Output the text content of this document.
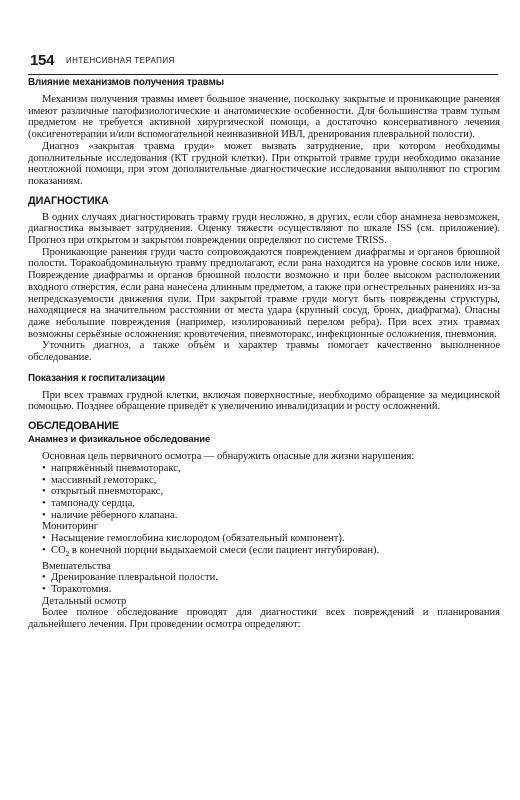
154 ИНТЕНСИВНАЯ ТЕРАПИЯ
Влияние механизмов получения травмы

Механизм получения травмы имеет большое значение, поскольку закрытые и проникающие ранения имеют различные патофизиологические и анатомические особенности. Для большинства травм тупым предметом не требуется активной хирургической помощи, а достаточно консервативного лечения (оксигенотерапии и/или вспомогательной неинвазивной ИВЛ, дренирования плевральной полости).

Диагноз «закрытая травма груди» может вызвать затруднение, при котором необходимы дополнительные исследования (КТ грудной клетки). При открытой травме груди необходимо оказание неотложной помощи, при этом дополнительные диагностические исследования выполняют по строгим показаниям.

ДИАГНОСТИКА

В одних случаях диагностировать травму груди несложно, в других, если сбор анамнеза невозможен, диагностика вызывает затруднения. Оценку тяжести осуществляют по шкале ISS (см. приложение). Прогноз при открытом и закрытом повреждении определяют по системе TRISS.

Проникающие ранения груди часто сопровождаются повреждением диафрагмы и органов брюшной полости. Торакоабдоминальную травму предполагают, если рана находится на уровне сосков или ниже. Повреждение диафрагмы и органов брюшной полости возможно и при более высоком расположении входного отверстия, если рана нанесена длинным предметом, а также при огнестрельных ранениях из-за непредсказуемости движения пули. При закрытой травме груди могут быть повреждены структуры, находящиеся на значительном расстоянии от места удара (крупный сосуд, бронх, диафрагма). Опасны даже небольшие повреждения (например, изолированный перелом ребра). При всех этих травмах возможны серьёзные осложнения: кровотечения, пневмоторакс, инфекционные осложнения, пневмония.

Уточнить диагноз, а также объём и характер травмы помогает качественно выполненное обследование.

Показания к госпитализации

При всех травмах грудной клетки, включая поверхностные, необходимо обращение за медицинской помощью. Позднее обращение приведёт к увеличению инвалидизации и росту осложнений.

ОБСЛЕДОВАНИЕ
Анамнез и физикальное обследование

Основная цель первичного осмотра — обнаружить опасные для жизни нарушения:

• напряжённый пневмоторакс,
• массивный гемоторакс,
• открытый пневмоторакс,
• тампонаду сердца,
• наличие рёберного клапана.

Мониторинг

• Насыщение гемоглобина кислородом (обязательный компонент).
• $СО_2$ в конечной порции выдыхаемой смеси (если пациент интубирован).

Вмешательства

• Дренирование плевральной полости.
• Торакотомия.

Детальный осмотр

Более полное обследование проводят для диагностики всех повреждений и планирования дальнейшего лечения. При проведении осмотра определяют:
